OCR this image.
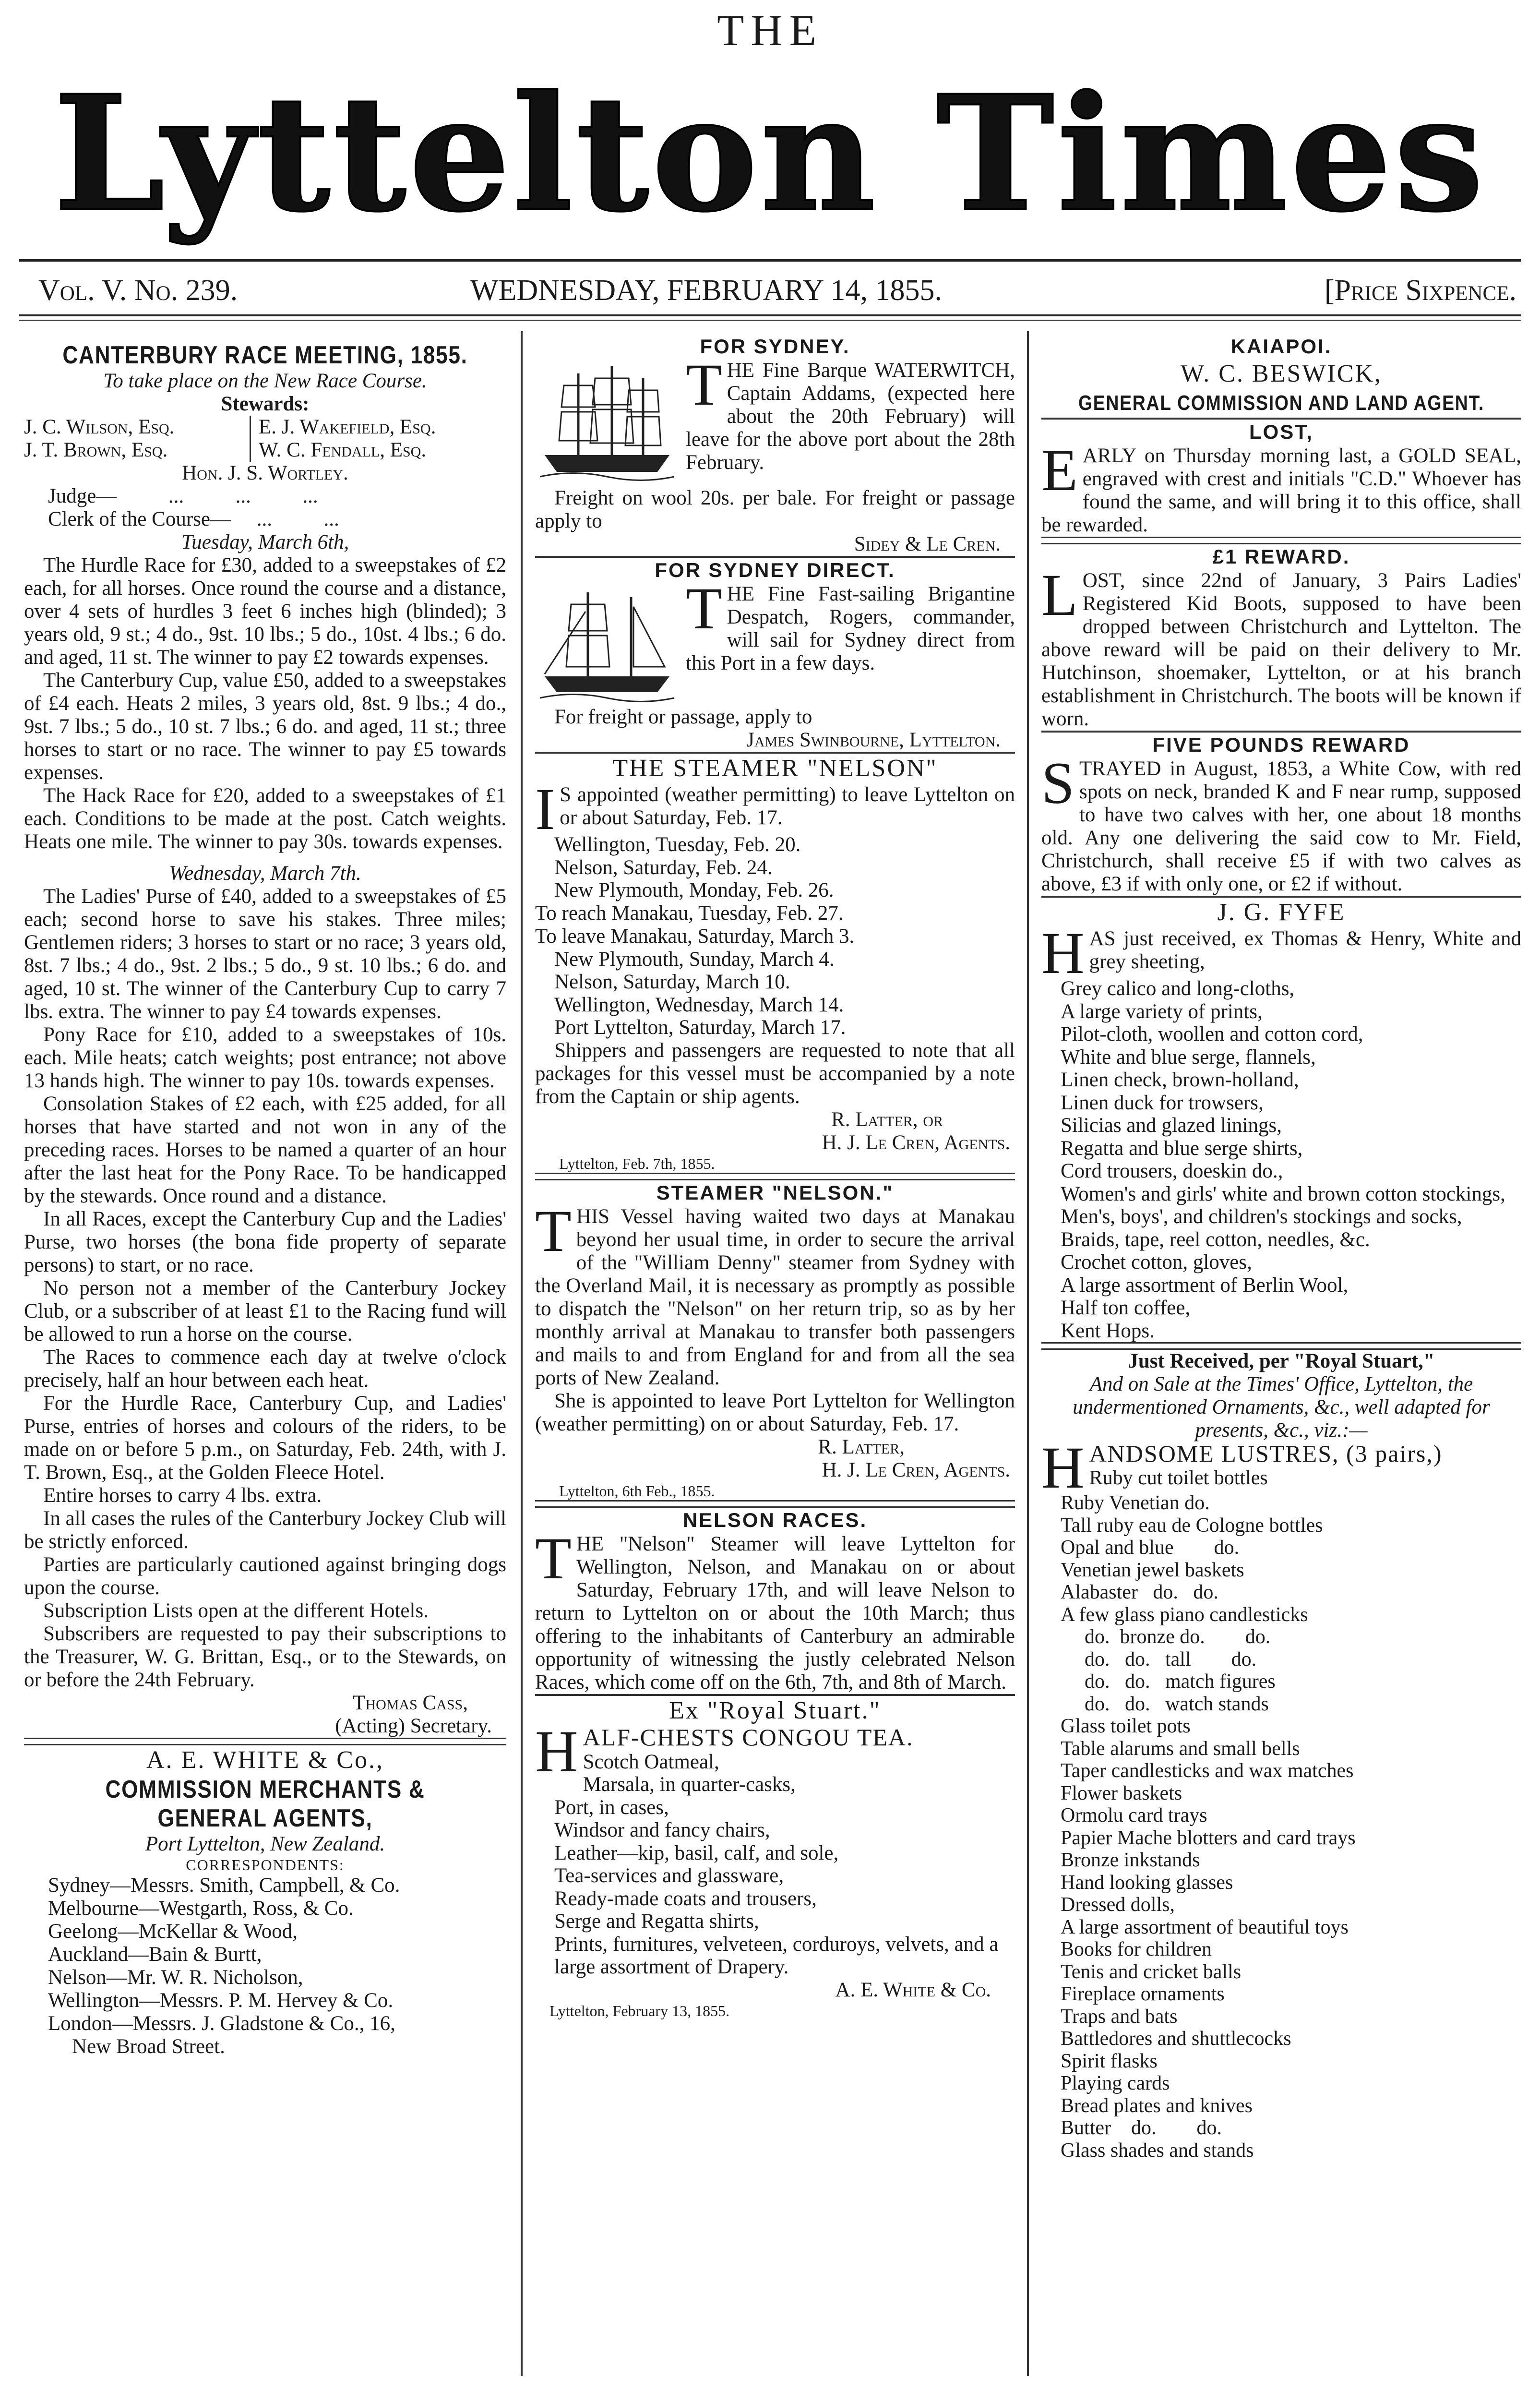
THE
Lyttelton Times
Vol. V. No. 239.	WEDNESDAY, FEBRUARY 14, 1855.	[Price Sixpence.
CANTERBURY RACE MEETING, 1855.
To take place on the New Race Course.
Stewards:
J. C. Wilson, Esq.	E. J. Wakefield, Esq.
J. T. Brown, Esq.	W. C. Fendall, Esq.
Hon. J. S. Wortley.
Judge—          ...          ...          ...
Clerk of the Course—     ...          ...
Tuesday, March 6th,
The Hurdle Race for £30, added to a sweepstakes of £2 each, for all horses. Once round the course and a distance, over 4 sets of hurdles 3 feet 6 inches high (blinded); 3 years old, 9 st.; 4 do., 9st. 10 lbs.; 5 do., 10st. 4 lbs.; 6 do. and aged, 11 st. The winner to pay £2 towards expenses.
The Canterbury Cup, value £50, added to a sweepstakes of £4 each. Heats 2 miles, 3 years old, 8st. 9 lbs.; 4 do., 9st. 7 lbs.; 5 do., 10 st. 7 lbs.; 6 do. and aged, 11 st.; three horses to start or no race. The winner to pay £5 towards expenses.
The Hack Race for £20, added to a sweepstakes of £1 each. Conditions to be made at the post. Catch weights. Heats one mile. The winner to pay 30s. towards expenses.
Wednesday, March 7th.
The Ladies' Purse of £40, added to a sweepstakes of £5 each; second horse to save his stakes. Three miles; Gentlemen riders; 3 horses to start or no race; 3 years old, 8st. 7 lbs.; 4 do., 9st. 2 lbs.; 5 do., 9 st. 10 lbs.; 6 do. and aged, 10 st. The winner of the Canterbury Cup to carry 7 lbs. extra. The winner to pay £4 towards expenses.
Pony Race for £10, added to a sweepstakes of 10s. each. Mile heats; catch weights; post entrance; not above 13 hands high. The winner to pay 10s. towards expenses.
Consolation Stakes of £2 each, with £25 added, for all horses that have started and not won in any of the preceding races. Horses to be named a quarter of an hour after the last heat for the Pony Race. To be handicapped by the stewards. Once round and a distance.
In all Races, except the Canterbury Cup and the Ladies' Purse, two horses (the bona fide property of separate persons) to start, or no race.
No person not a member of the Canterbury Jockey Club, or a subscriber of at least £1 to the Racing fund will be allowed to run a horse on the course.
The Races to commence each day at twelve o'clock precisely, half an hour between each heat.
For the Hurdle Race, Canterbury Cup, and Ladies' Purse, entries of horses and colours of the riders, to be made on or before 5 p.m., on Saturday, Feb. 24th, with J. T. Brown, Esq., at the Golden Fleece Hotel.
Entire horses to carry 4 lbs. extra.
In all cases the rules of the Canterbury Jockey Club will be strictly enforced.
Parties are particularly cautioned against bringing dogs upon the course.
Subscription Lists open at the different Hotels.
Subscribers are requested to pay their subscriptions to the Treasurer, W. G. Brittan, Esq., or to the Stewards, on or before the 24th February.
Thomas Cass,
(Acting) Secretary.
A. E. WHITE & Co.,
COMMISSION MERCHANTS & GENERAL AGENTS,
Port Lyttelton, New Zealand.
CORRESPONDENTS:
Sydney—Messrs. Smith, Campbell, & Co.
Melbourne—Westgarth, Ross, & Co.
Geelong—McKellar & Wood,
Auckland—Bain & Burtt,
Nelson—Mr. W. R. Nicholson,
Wellington—Messrs. P. M. Hervey & Co.
London—Messrs. J. Gladstone & Co., 16,
New Broad Street.
FOR SYDNEY.
T HE Fine Barque WATERWITCH, Captain Addams, (expected here about the 20th February) will leave for the above port about the 28th February.
Freight on wool 20s. per bale. For freight or passage apply to
Sidey & Le Cren.
FOR SYDNEY DIRECT.
T HE Fine Fast-sailing Brigantine Despatch, Rogers, commander, will sail for Sydney direct from this Port in a few days.
For freight or passage, apply to
James Swinbourne, Lyttelton.
THE STEAMER "NELSON"
I S appointed (weather permitting) to leave Lyttelton on or about Saturday, Feb. 17.
Wellington, Tuesday, Feb. 20.
Nelson, Saturday, Feb. 24.
New Plymouth, Monday, Feb. 26.
To reach Manakau, Tuesday, Feb. 27.
To leave Manakau, Saturday, March 3.
New Plymouth, Sunday, March 4.
Nelson, Saturday, March 10.
Wellington, Wednesday, March 14.
Port Lyttelton, Saturday, March 17.
Shippers and passengers are requested to note that all packages for this vessel must be accompanied by a note from the Captain or ship agents.
R. Latter, or
H. J. Le Cren, Agents.
Lyttelton, Feb. 7th, 1855.
STEAMER "NELSON."
T HIS Vessel having waited two days at Manakau beyond her usual time, in order to secure the arrival of the "William Denny" steamer from Sydney with the Overland Mail, it is necessary as promptly as possible to dispatch the "Nelson" on her return trip, so as by her monthly arrival at Manakau to transfer both passengers and mails to and from England for and from all the sea ports of New Zealand.
She is appointed to leave Port Lyttelton for Wellington (weather permitting) on or about Saturday, Feb. 17.
R. Latter,
H. J. Le Cren, Agents.
Lyttelton, 6th Feb., 1855.
NELSON RACES.
T HE "Nelson" Steamer will leave Lyttelton for Wellington, Nelson, and Manakau on or about Saturday, February 17th, and will leave Nelson to return to Lyttelton on or about the 10th March; thus offering to the inhabitants of Canterbury an admirable opportunity of witnessing the justly celebrated Nelson Races, which come off on the 6th, 7th, and 8th of March.
Ex "Royal Stuart."
H ALF-CHESTS CONGOU TEA.
Scotch Oatmeal,
Marsala, in quarter-casks,
Port, in cases,
Windsor and fancy chairs,
Leather—kip, basil, calf, and sole,
Tea-services and glassware,
Ready-made coats and trousers,
Serge and Regatta shirts,
Prints, furnitures, velveteen, corduroys, velvets, and a large assortment of Drapery.
A. E. White & Co.
Lyttelton, February 13, 1855.
KAIAPOI.
W. C. BESWICK,
GENERAL COMMISSION AND LAND AGENT.
LOST,
E ARLY on Thursday morning last, a GOLD SEAL, engraved with crest and initials "C.D." Whoever has found the same, and will bring it to this office, shall be rewarded.
£1 REWARD.
L OST, since 22nd of January, 3 Pairs Ladies' Registered Kid Boots, supposed to have been dropped between Christchurch and Lyttelton. The above reward will be paid on their delivery to Mr. Hutchinson, shoemaker, Lyttelton, or at his branch establishment in Christchurch. The boots will be known if worn.
FIVE POUNDS REWARD
S TRAYED in August, 1853, a White Cow, with red spots on neck, branded K and F near rump, supposed to have two calves with her, one about 18 months old. Any one delivering the said cow to Mr. Field, Christchurch, shall receive £5 if with two calves as above, £3 if with only one, or £2 if without.
J. G. FYFE
H AS just received, ex Thomas & Henry, White and grey sheeting,
Grey calico and long-cloths,
A large variety of prints,
Pilot-cloth, woollen and cotton cord,
White and blue serge, flannels,
Linen check, brown-holland,
Linen duck for trowsers,
Silicias and glazed linings,
Regatta and blue serge shirts,
Cord trousers, doeskin do.,
Women's and girls' white and brown cotton stockings,
Men's, boys', and children's stockings and socks,
Braids, tape, reel cotton, needles, &c.
Crochet cotton, gloves,
A large assortment of Berlin Wool,
Half ton coffee,
Kent Hops.
Just Received, per "Royal Stuart,"
And on Sale at the Times' Office, Lyttelton, the undermentioned Ornaments, &c., well adapted for presents, &c., viz.:—
H ANDSOME LUSTRES, (3 pairs,)
Ruby cut toilet bottles
Ruby Venetian do.
Tall ruby eau de Cologne bottles
Opal and blue        do.
Venetian jewel baskets
Alabaster   do.   do.
A few glass piano candlesticks
do.  bronze do.        do.
do.   do.   tall        do.
do.   do.   match figures
do.   do.   watch stands
Glass toilet pots
Table alarums and small bells
Taper candlesticks and wax matches
Flower baskets
Ormolu card trays
Papier Mache blotters and card trays
Bronze inkstands
Hand looking glasses
Dressed dolls,
A large assortment of beautiful toys
Books for children
Tenis and cricket balls
Fireplace ornaments
Traps and bats
Battledores and shuttlecocks
Spirit flasks
Playing cards
Bread plates and knives
Butter    do.        do.
Glass shades and stands
